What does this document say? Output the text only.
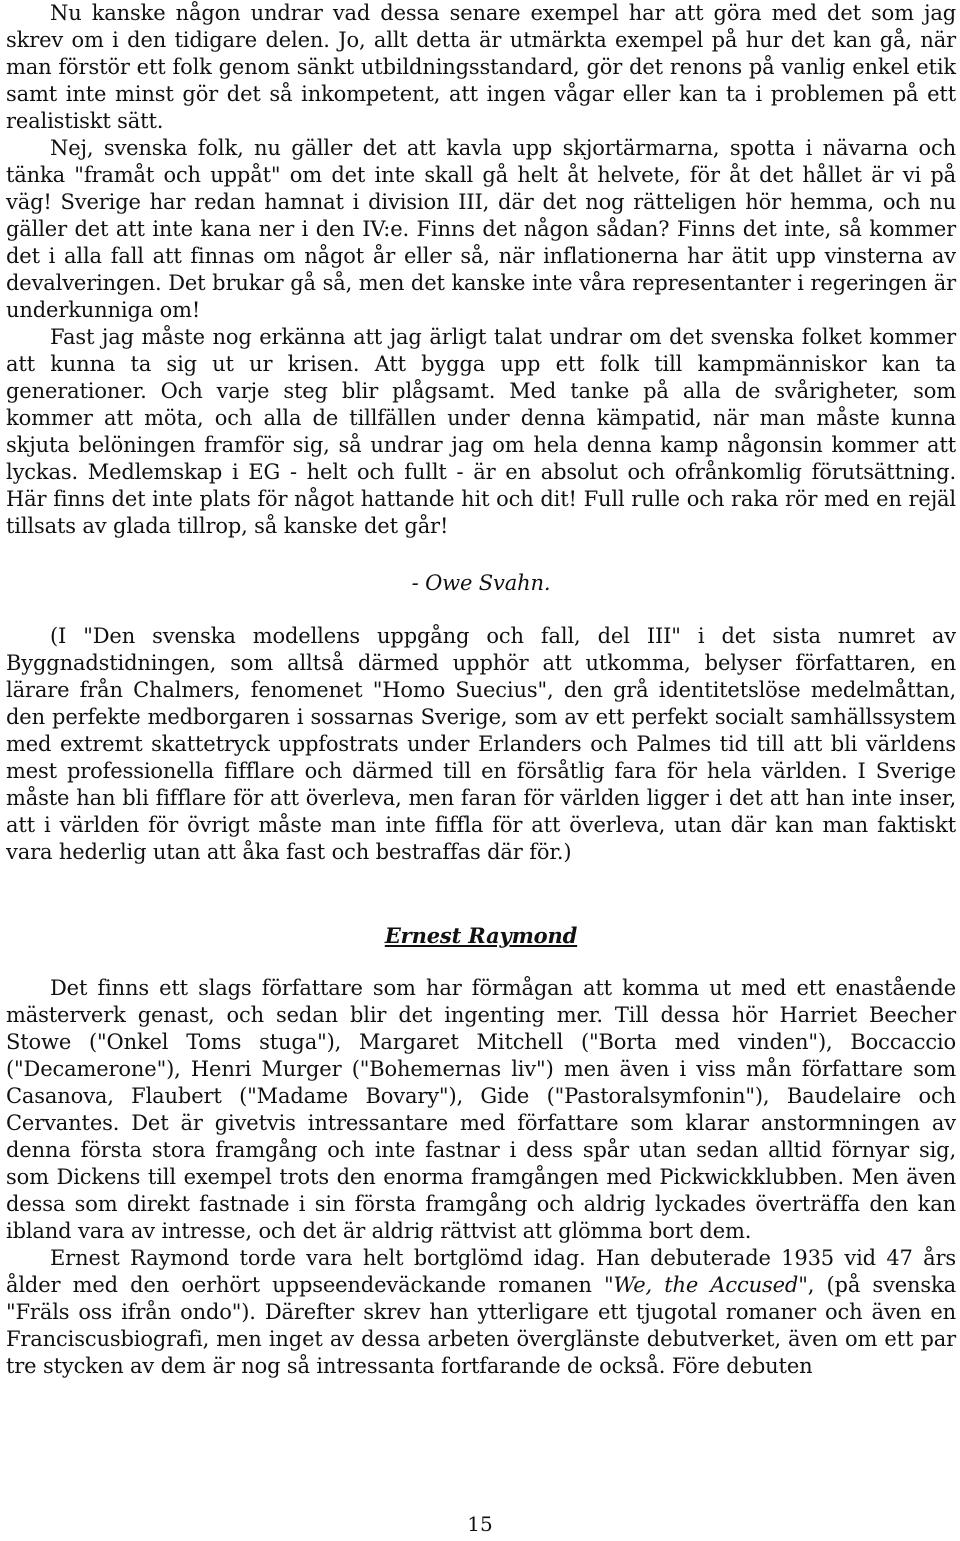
Nu kanske någon undrar vad dessa senare exempel har att göra med det som jag skrev om i den tidigare delen. Jo, allt detta är utmärkta exempel på hur det kan gå, när man förstör ett folk genom sänkt utbildningsstandard, gör det renons på vanlig enkel etik samt inte minst gör det så inkompetent, att ingen vågar eller kan ta i problemen på ett realistiskt sätt.

Nej, svenska folk, nu gäller det att kavla upp skjortärmarna, spotta i nävarna och tänka "framåt och uppåt" om det inte skall gå helt åt helvete, för åt det hållet är vi på väg! Sverige har redan hamnat i division III, där det nog rätteligen hör hemma, och nu gäller det att inte kana ner i den IV:e. Finns det någon sådan? Finns det inte, så kommer det i alla fall att finnas om något år eller så, när inflationerna har ätit upp vinsterna av devalveringen. Det brukar gå så, men det kanske inte våra representanter i regeringen är underkunniga om!

Fast jag måste nog erkänna att jag ärligt talat undrar om det svenska folket kommer att kunna ta sig ut ur krisen. Att bygga upp ett folk till kampmänniskor kan ta generationer. Och varje steg blir plågsamt. Med tanke på alla de svårigheter, som kommer att möta, och alla de tillfällen under denna kämpatid, när man måste kunna skjuta belöningen framför sig, så undrar jag om hela denna kamp någonsin kommer att lyckas. Medlemskap i EG - helt och fullt - är en absolut och ofrånkomlig förutsättning. Här finns det inte plats för något hattande hit och dit! Full rulle och raka rör med en rejäl tillsats av glada tillrop, så kanske det går!

- Owe Svahn.

(I "Den svenska modellens uppgång och fall, del III" i det sista numret av Byggnadstidningen, som alltså därmed upphör att utkomma, belyser författaren, en lärare från Chalmers, fenomenet "Homo Suecius", den grå identitetslöse medelmåttan, den perfekte medborgaren i sossarnas Sverige, som av ett perfekt socialt samhällssystem med extremt skattetryck uppfostrats under Erlanders och Palmes tid till att bli världens mest professionella fifflare och därmed till en försåtlig fara för hela världen. I Sverige måste han bli fifflare för att överleva, men faran för världen ligger i det att han inte inser, att i världen för övrigt måste man inte fiffla för att överleva, utan där kan man faktiskt vara hederlig utan att åka fast och bestraffas där för.)

Ernest Raymond

Det finns ett slags författare som har förmågan att komma ut med ett enastående mästerverk genast, och sedan blir det ingenting mer. Till dessa hör Harriet Beecher Stowe ("Onkel Toms stuga"), Margaret Mitchell ("Borta med vinden"), Boccaccio ("Decamerone"), Henri Murger ("Bohemernas liv") men även i viss mån författare som Casanova, Flaubert ("Madame Bovary"), Gide ("Pastoralsymfonin"), Baudelaire och Cervantes. Det är givetvis intressantare med författare som klarar anstormningen av denna första stora framgång och inte fastnar i dess spår utan sedan alltid förnyar sig, som Dickens till exempel trots den enorma framgången med Pickwickklubben. Men även dessa som direkt fastnade i sin första framgång och aldrig lyckades överträffa den kan ibland vara av intresse, och det är aldrig rättvist att glömma bort dem.

Ernest Raymond torde vara helt bortglömd idag. Han debuterade 1935 vid 47 års ålder med den oerhört uppseendeväckande romanen "We, the Accused", (på svenska "Fräls oss ifrån ondo"). Därefter skrev han ytterligare ett tjugotal romaner och även en Franciscusbiografi, men inget av dessa arbeten överglänste debutverket, även om ett par tre stycken av dem är nog så intressanta fortfarande de också. Före debuten

15
